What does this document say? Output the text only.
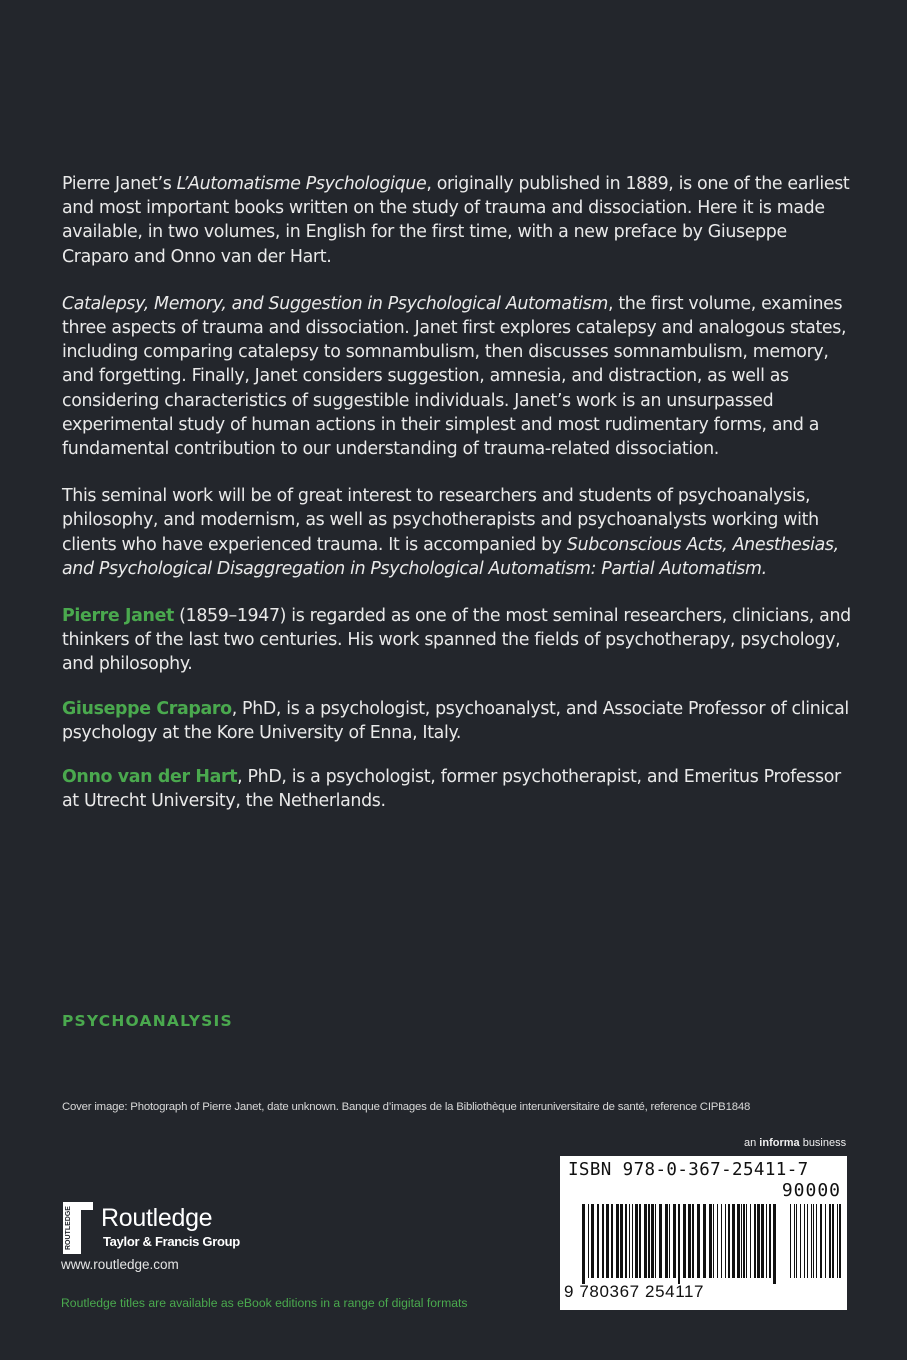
Pierre Janet’s L’Automatisme Psychologique, originally published in 1889, is one of the earliest and most important books written on the study of trauma and dissociation. Here it is made available, in two volumes, in English for the first time, with a new preface by Giuseppe Craparo and Onno van der Hart.

Catalepsy, Memory, and Suggestion in Psychological Automatism, the first volume, examines three aspects of trauma and dissociation. Janet first explores catalepsy and analogous states, including comparing catalepsy to somnambulism, then discusses somnambulism, memory, and forgetting. Finally, Janet considers suggestion, amnesia, and distraction, as well as considering characteristics of suggestible individuals. Janet’s work is an unsurpassed experimental study of human actions in their simplest and most rudimentary forms, and a fundamental contribution to our understanding of trauma-related dissociation.

This seminal work will be of great interest to researchers and students of psychoanalysis, philosophy, and modernism, as well as psychotherapists and psychoanalysts working with clients who have experienced trauma. It is accompanied by Subconscious Acts, Anesthesias, and Psychological Disaggregation in Psychological Automatism: Partial Automatism.

Pierre Janet (1859–1947) is regarded as one of the most seminal researchers, clinicians, and thinkers of the last two centuries. His work spanned the fields of psychotherapy, psychology, and philosophy.

Giuseppe Craparo, PhD, is a psychologist, psychoanalyst, and Associate Professor of clinical psychology at the Kore University of Enna, Italy.

Onno van der Hart, PhD, is a psychologist, former psychotherapist, and Emeritus Professor at Utrecht University, the Netherlands.

PSYCHOANALYSIS
Cover image: Photograph of Pierre Janet, date unknown. Banque d’images de la Bibliothèque interuniversitaire de santé, reference CIPB1848
an informa business
ISBN 978-0-367-25411-7
90000
9 780367 254117
ROUTLEDGE Routledge
Taylor & Francis Group
www.routledge.com
Routledge titles are available as eBook editions in a range of digital formats
